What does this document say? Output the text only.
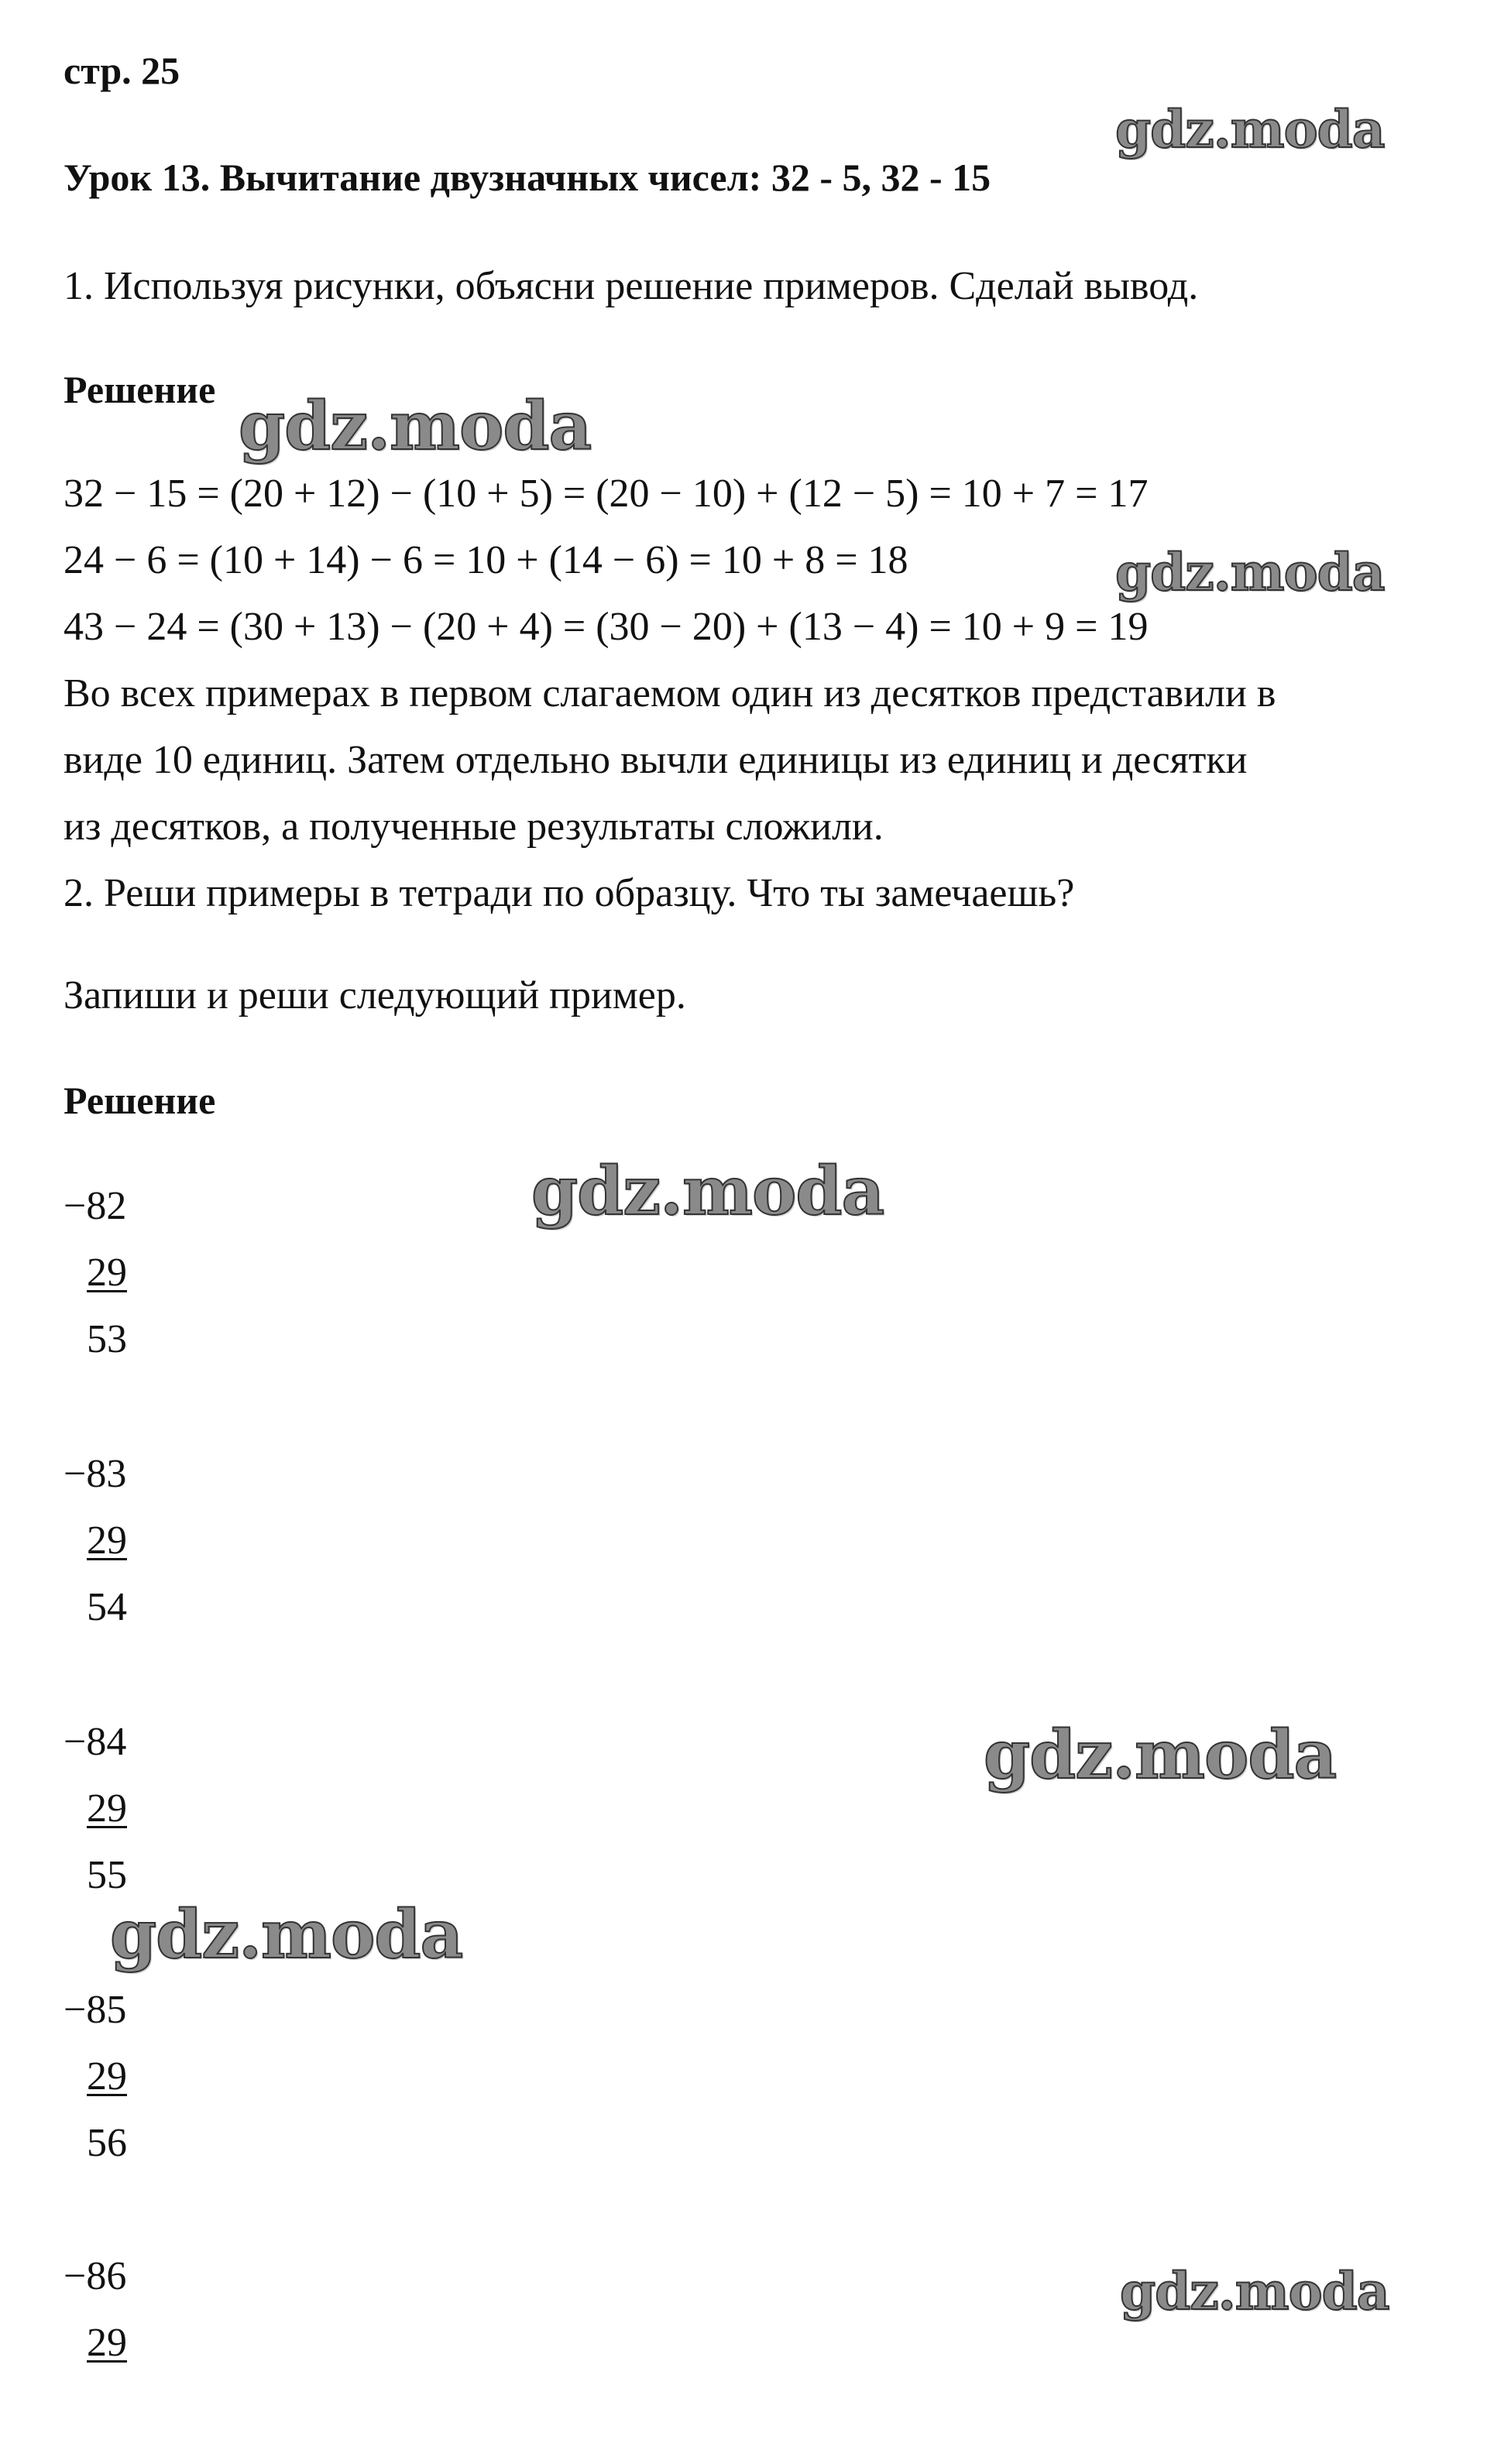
стр. 25
Урок 13. Вычитание двузначных чисел: 32 - 5, 32 - 15
1. Используя рисунки, объясни решение примеров. Сделай вывод.
Решение
32 − 15 = (20 + 12) − (10 + 5) = (20 − 10) + (12 − 5) = 10 + 7 = 17
24 − 6 = (10 + 14) − 6 = 10 + (14 − 6) = 10 + 8 = 18
43 − 24 = (30 + 13) − (20 + 4) = (30 − 20) + (13 − 4) = 10 + 9 = 19
Во всех примерах в первом слагаемом один из десятков представили в
виде 10 единиц. Затем отдельно вычли единицы из единиц и десятки
из десятков, а полученные результаты сложили.
2. Реши примеры в тетради по образцу. Что ты замечаешь?
Запиши и реши следующий пример.
Решение
−82
29
53
−83
29
54
−84
29
55
−85
29
56
−86
29
gdz.moda
gdz.moda
gdz.moda
gdz.moda
gdz.moda
gdz.moda
gdz.moda
